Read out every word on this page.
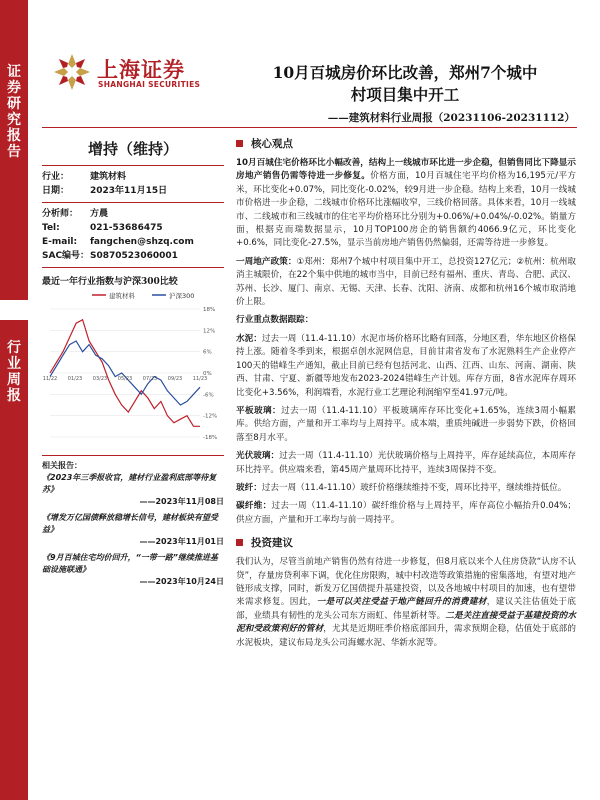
证券研究报告
行业周报
上海证券
SHANGHAI SECURITIES
10月百城房价环比改善，郑州7个城中
村项目集中开工
——建筑材料行业周报（20231106-20231112）
增持（维持）
行业： 建筑材料
日期： 2023年11月15日
分析师： 方晨
Tel:	021-53686475
E-mail: fangchen@shzq.com
SAC编号：S0870523060001
最近一年行业指数与沪深300比较
建筑材料	沪深300
18%
12%
6%
0%
-6%
-12%
-18%
11/22 01/23 03/23 05/23 07/23 09/23 11/23
相关报告：
《2023年三季报收官，建材行业盈利底部等待复苏》
——2023年11月08日
《增发万亿国债释放稳增长信号，建材板块有望受益》
——2023年11月01日
《9月百城住宅均价回升，“一带一路”继续推进基础设施联通》
——2023年10月24日
核心观点

10月百城住宅价格环比小幅改善，结构上一线城市环比进一步企稳，但销售同比下降显示房地产销售仍需等待进一步修复。价格方面，10月百城住宅平均价格为16,195元/平方米，环比变化+0.07%，同比变化-0.02%，较9月进一步企稳。结构上来看，10月一线城市价格进一步企稳，二线城市价格环比涨幅收窄，三线价格回落。具体来看，10月一线城市、二线城市和三线城市的住宅平均价格环比分别为+0.06%/+0.04%/-0.02%。销量方面，根据克而瑞数据显示，10月TOP100房企的销售额约4066.9亿元，环比变化+0.6%，同比变化-27.5%，显示当前房地产销售仍然偏弱，还需等待进一步修复。

一周地产政策：①郑州：郑州7个城中村项目集中开工，总投资127亿元；②杭州：杭州取消主城限价，在22个集中供地的城市当中，目前已经有福州、重庆、青岛、合肥、武汉、苏州、长沙、厦门、南京、无锡、天津、长春、沈阳、济南、成都和杭州16个城市取消地价上限。

行业重点数据跟踪：

水泥：过去一周（11.4-11.10）水泥市场价格环比略有回落，分地区看，华东地区价格保持上涨。随着冬季到来，根据卓创水泥网信息，目前甘肃省发布了水泥熟料生产企业停产100天的错峰生产通知，截止目前已经有包括河北、山西、江西、山东、河南、湖南、陕西、甘肃、宁夏、新疆等地发布2023-2024错峰生产计划。库存方面，8省水泥库存周环比变化+3.56%，利润端看，水泥行业工艺理论利润缩窄至41.97元/吨。

平板玻璃：过去一周（11.4-11.10）平板玻璃库存环比变化+1.65%，连续3周小幅累库。供给方面，产量和开工率均与上周持平。成本端，重质纯碱进一步弱势下跌，价格回落至8月水平。

光伏玻璃：过去一周（11.4-11.10）光伏玻璃价格与上周持平，库存延续高位，本周库存环比持平。供应端来看，第45周产量周环比持平，连续3周保持不变。

玻纤：过去一周（11.4-11.10）玻纤价格继续维持不变，周环比持平，继续维持低位。

碳纤维：过去一周（11.4-11.10）碳纤维价格与上周持平，库存高位小幅抬升0.04%；供应方面，产量和开工率均与前一周持平。

投资建议

我们认为，尽管当前地产销售仍然有待进一步修复，但8月底以来个人住房贷款“认房不认贷”，存量房贷利率下调，优化住房限购，城中村改造等政策措施的密集落地，有望对地产链形成支撑，同时，新发万亿国债提升基建投资，以及各地城中村项目的加速，也有望带来需求修复。因此，一是可以关注受益于地产链回升的消费建材，建议关注估值处于底部，业绩具有韧性的龙头公司东方雨虹、伟星新材等。二是关注直接受益于基建投资的水泥和受政策利好的管材，尤其是近期旺季价格底部回升，需求预期企稳，估值处于底部的水泥板块，建议布局龙头公司海螺水泥、华新水泥等。
